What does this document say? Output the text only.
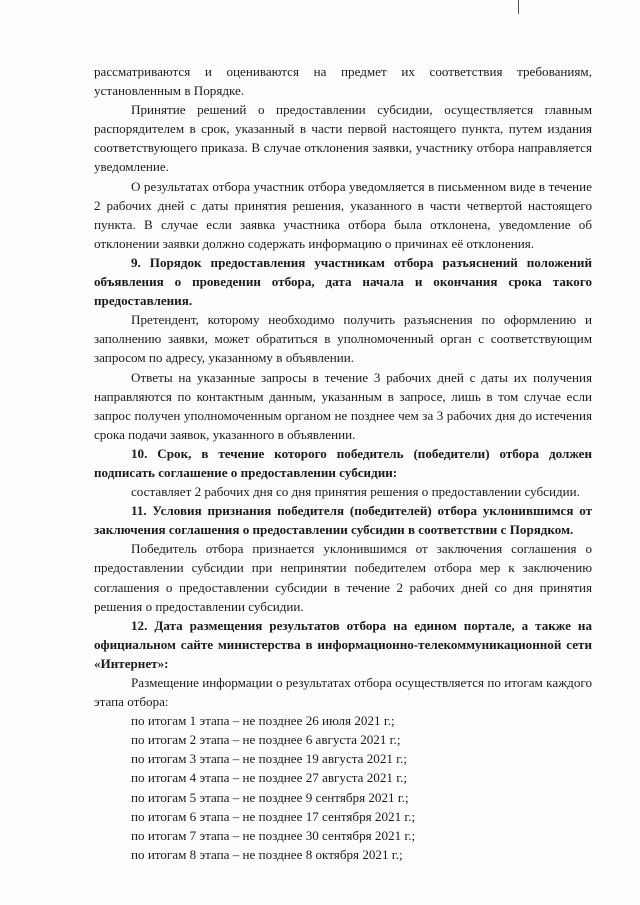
рассматриваются и оцениваются на предмет их соответствия требованиям, установленным в Порядке.

Принятие решений о предоставлении субсидии, осуществляется главным распорядителем в срок, указанный в части первой настоящего пункта, путем издания соответствующего приказа. В случае отклонения заявки, участнику отбора направляется уведомление.

О результатах отбора участник отбора уведомляется в письменном виде в течение 2 рабочих дней с даты принятия решения, указанного в части четвертой настоящего пункта. В случае если заявка участника отбора была отклонена, уведомление об отклонении заявки должно содержать информацию о причинах её отклонения.

9. Порядок предоставления участникам отбора разъяснений положений объявления о проведении отбора, дата начала и окончания срока такого предоставления.

Претендент, которому необходимо получить разъяснения по оформлению и заполнению заявки, может обратиться в уполномоченный орган с соответствующим запросом по адресу, указанному в объявлении.

Ответы на указанные запросы в течение 3 рабочих дней с даты их получения направляются по контактным данным, указанным в запросе, лишь в том случае если запрос получен уполномоченным органом не позднее чем за 3 рабочих дня до истечения срока подачи заявок, указанного в объявлении.

10. Срок, в течение которого победитель (победители) отбора должен подписать соглашение о предоставлении субсидии:

составляет 2 рабочих дня со дня принятия решения о предоставлении субсидии.

11. Условия признания победителя (победителей) отбора уклонившимся от заключения соглашения о предоставлении субсидии в соответствии с Порядком.

Победитель отбора признается уклонившимся от заключения соглашения о предоставлении субсидии при непринятии победителем отбора мер к заключению соглашения о предоставлении субсидии в течение 2 рабочих дней со дня принятия решения о предоставлении субсидии.

12. Дата размещения результатов отбора на едином портале, а также на официальном сайте министерства в информационно-телекоммуникационной сети «Интернет»:

Размещение информации о результатах отбора осуществляется по итогам каждого этапа отбора:

по итогам 1 этапа – не позднее 26 июля 2021 г.;
по итогам 2 этапа – не позднее 6 августа 2021 г.;
по итогам 3 этапа – не позднее 19 августа 2021 г.;
по итогам 4 этапа – не позднее 27 августа 2021 г.;
по итогам 5 этапа – не позднее 9 сентября 2021 г.;
по итогам 6 этапа – не позднее 17 сентября 2021 г.;
по итогам 7 этапа – не позднее 30 сентября 2021 г.;
по итогам 8 этапа – не позднее 8 октября 2021 г.;
